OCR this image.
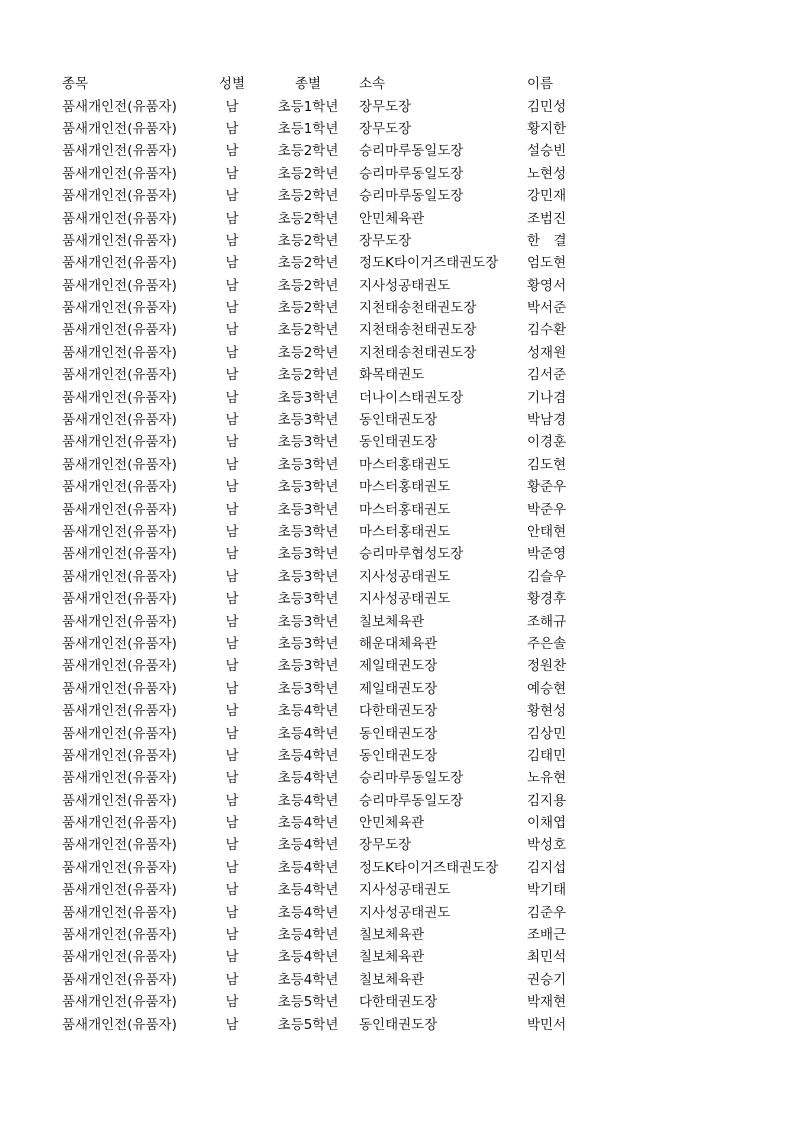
종목	성별	종별	소속	이름
품새개인전(유품자)	남	초등1학년	장무도장	김민성
품새개인전(유품자)	남	초등1학년	장무도장	황지한
품새개인전(유품자)	남	초등2학년	승리마루동일도장	설승빈
품새개인전(유품자)	남	초등2학년	승리마루동일도장	노현성
품새개인전(유품자)	남	초등2학년	승리마루동일도장	강민재
품새개인전(유품자)	남	초등2학년	안민체육관	조범진
품새개인전(유품자)	남	초등2학년	장무도장	한　결
품새개인전(유품자)	남	초등2학년	정도K타이거즈태권도장	엄도현
품새개인전(유품자)	남	초등2학년	지사성공태권도	황영서
품새개인전(유품자)	남	초등2학년	지천태송천태권도장	박서준
품새개인전(유품자)	남	초등2학년	지천태송천태권도장	김수환
품새개인전(유품자)	남	초등2학년	지천태송천태권도장	성재원
품새개인전(유품자)	남	초등2학년	화목태권도	김서준
품새개인전(유품자)	남	초등3학년	더나이스태권도장	기나겸
품새개인전(유품자)	남	초등3학년	동인태권도장	박남경
품새개인전(유품자)	남	초등3학년	동인태권도장	이경훈
품새개인전(유품자)	남	초등3학년	마스터홍태권도	김도현
품새개인전(유품자)	남	초등3학년	마스터홍태권도	황준우
품새개인전(유품자)	남	초등3학년	마스터홍태권도	박준우
품새개인전(유품자)	남	초등3학년	마스터홍태권도	안태현
품새개인전(유품자)	남	초등3학년	승리마루협성도장	박준영
품새개인전(유품자)	남	초등3학년	지사성공태권도	김슬우
품새개인전(유품자)	남	초등3학년	지사성공태권도	황경후
품새개인전(유품자)	남	초등3학년	칠보체육관	조해규
품새개인전(유품자)	남	초등3학년	해운대체육관	주은솔
품새개인전(유품자)	남	초등3학년	제일태권도장	정원찬
품새개인전(유품자)	남	초등3학년	제일태권도장	예승현
품새개인전(유품자)	남	초등4학년	다한태권도장	황현성
품새개인전(유품자)	남	초등4학년	동인태권도장	김상민
품새개인전(유품자)	남	초등4학년	동인태권도장	김태민
품새개인전(유품자)	남	초등4학년	승리마루동일도장	노유현
품새개인전(유품자)	남	초등4학년	승리마루동일도장	김지용
품새개인전(유품자)	남	초등4학년	안민체육관	이채엽
품새개인전(유품자)	남	초등4학년	장무도장	박성호
품새개인전(유품자)	남	초등4학년	정도K타이거즈태권도장	김지섭
품새개인전(유품자)	남	초등4학년	지사성공태권도	박기태
품새개인전(유품자)	남	초등4학년	지사성공태권도	김준우
품새개인전(유품자)	남	초등4학년	칠보체육관	조배근
품새개인전(유품자)	남	초등4학년	칠보체육관	최민석
품새개인전(유품자)	남	초등4학년	칠보체육관	권승기
품새개인전(유품자)	남	초등5학년	다한태권도장	박재현
품새개인전(유품자)	남	초등5학년	동인태권도장	박민서
